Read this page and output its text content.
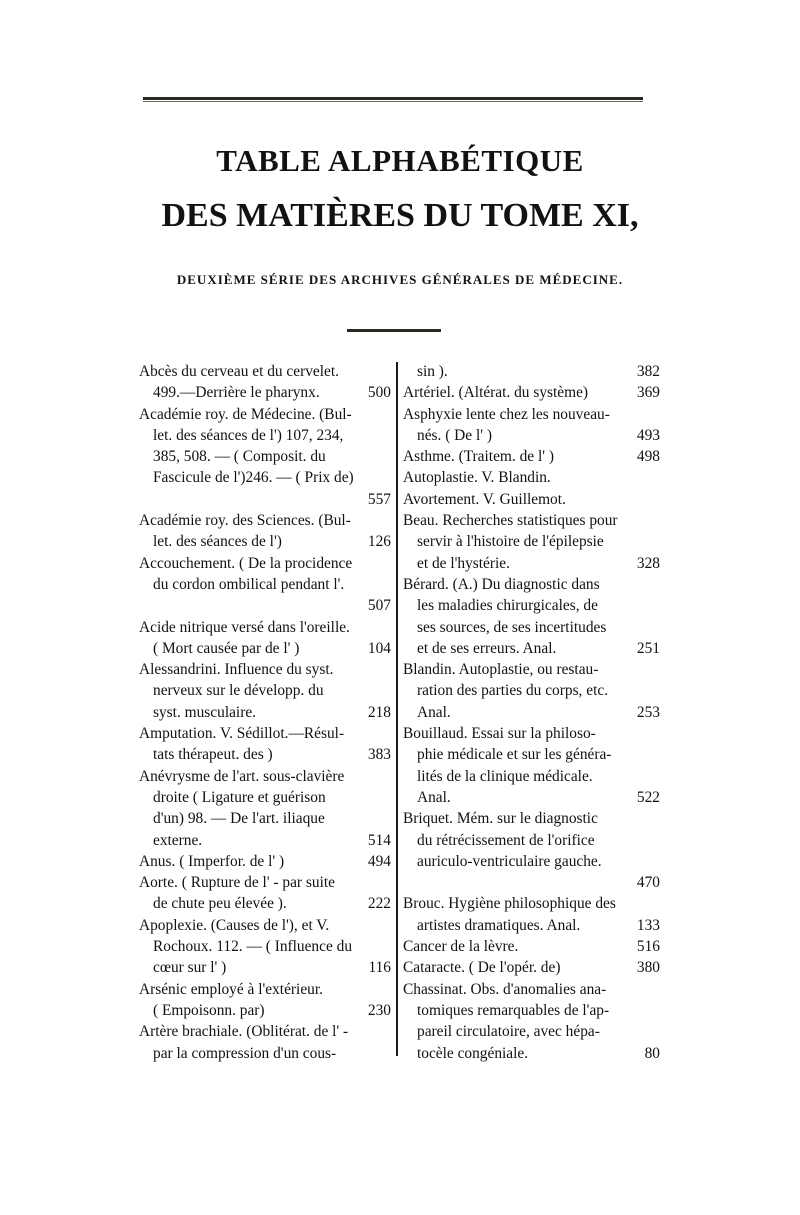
TABLE ALPHABÉTIQUE
DES MATIÈRES DU TOME XI,
DEUXIÈME SÉRIE DES ARCHIVES GÉNÉRALES DE MÉDECINE.
Abcès du cerveau et du cervelet.
499.—Derrière le pharynx.	500
Académie roy. de Médecine. (Bul-
let. des séances de l') 107, 234,
385, 508. — ( Composit. du
Fascicule de l')246. — ( Prix de)
557
Académie roy. des Sciences. (Bul-
let. des séances de l')	126
Accouchement. ( De la procidence
du cordon ombilical pendant l'.
507
Acide nitrique versé dans l'oreille.
( Mort causée par de l' )	104
Alessandrini. Influence du syst.
nerveux sur le développ. du
syst. musculaire.	218
Amputation. V. Sédillot.—Résul-
tats thérapeut. des )	383
Anévrysme de l'art. sous-clavière
droite ( Ligature et guérison
d'un) 98. — De l'art. iliaque
externe.	514
Anus. ( Imperfor. de l' )	494
Aorte. ( Rupture de l' - par suite
de chute peu élevée ).	222
Apoplexie. (Causes de l'), et V.
Rochoux. 112. — ( Influence du
cœur sur l' )	116
Arsénic employé à l'extérieur.
( Empoisonn. par)	230
Artère brachiale. (Oblitérat. de l' -
par la compression d'un cous-
sin ).	382
Artériel. (Altérat. du système)	369
Asphyxie lente chez les nouveau-
nés. ( De l' )	493
Asthme. (Traitem. de l' )	498
Autoplastie. V. Blandin.
Avortement. V. Guillemot.
Beau. Recherches statistiques pour
servir à l'histoire de l'épilepsie
et de l'hystérie.	328
Bérard. (A.) Du diagnostic dans
les maladies chirurgicales, de
ses sources, de ses incertitudes
et de ses erreurs. Anal.	251
Blandin. Autoplastie, ou restau-
ration des parties du corps, etc.
Anal.	253
Bouillaud. Essai sur la philoso-
phie médicale et sur les généra-
lités de la clinique médicale.
Anal.	522
Briquet. Mém. sur le diagnostic
du rétrécissement de l'orifice
auriculo-ventriculaire gauche.
470
Brouc. Hygiène philosophique des
artistes dramatiques. Anal.	133
Cancer de la lèvre.	516
Cataracte. ( De l'opér. de)	380
Chassinat. Obs. d'anomalies ana-
tomiques remarquables de l'ap-
pareil circulatoire, avec hépa-
tocèle congéniale.	80
